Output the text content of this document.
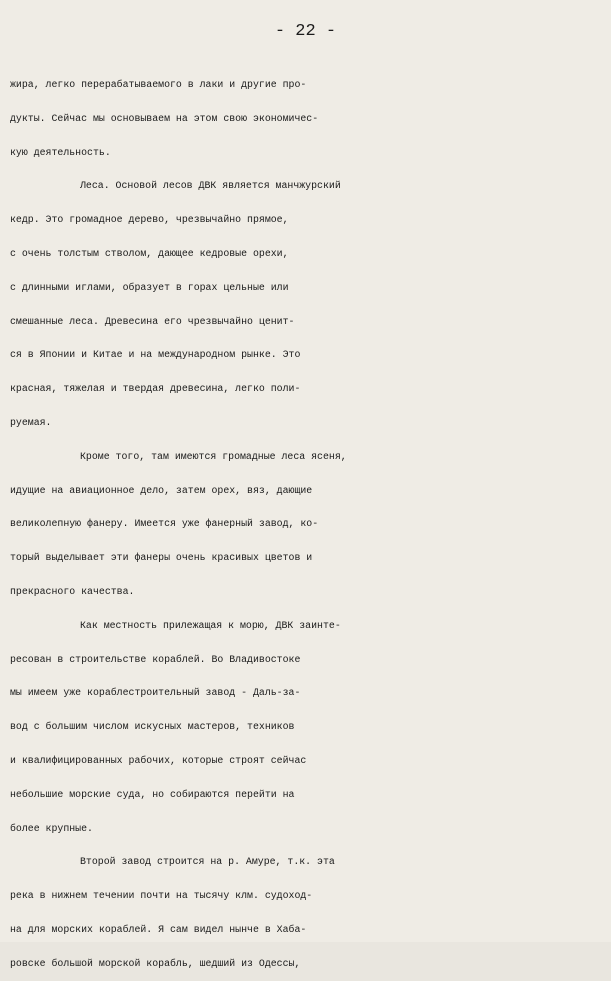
- 22 -

жира, легко перерабатываемого в лаки и другие про-
дукты. Сейчас мы основываем на этом свою экономичес-
кую деятельность.
Леса. Основой лесов ДВК является манчжурский
кедр. Это громадное дерево, чрезвычайно прямое,
с очень толстым стволом, дающее кедровые орехи,
с длинными иглами, образует в горах цельные или
смешанные леса. Древесина его чрезвычайно ценит-
ся в Японии и Китае и на международном рынке. Это
красная, тяжелая и твердая древесина, легко поли-
руемая.
Кроме того, там имеются громадные леса ясеня,
идущие на авиационное дело, затем орех, вяз, дающие
великолепную фанеру. Имеется уже фанерный завод, ко-
торый выделывает эти фанеры очень красивых цветов и
прекрасного качества.
Как местность прилежащая к морю, ДВК заинте-
ресован в строительстве кораблей. Во Владивостоке
мы имеем уже кораблестроительный завод - Даль-за-
вод с большим числом искусных мастеров, техников
и квалифицированных рабочих, которые строят сейчас
небольшие морские суда, но собираются перейти на
более крупные.
Второй завод строится на р. Амуре, т.к. эта
река в нижнем течении почти на тысячу клм. судоход-
на для морских кораблей. Я сам видел нынче в Хаба-
ровске большой морской корабль, шедший из Одессы,
